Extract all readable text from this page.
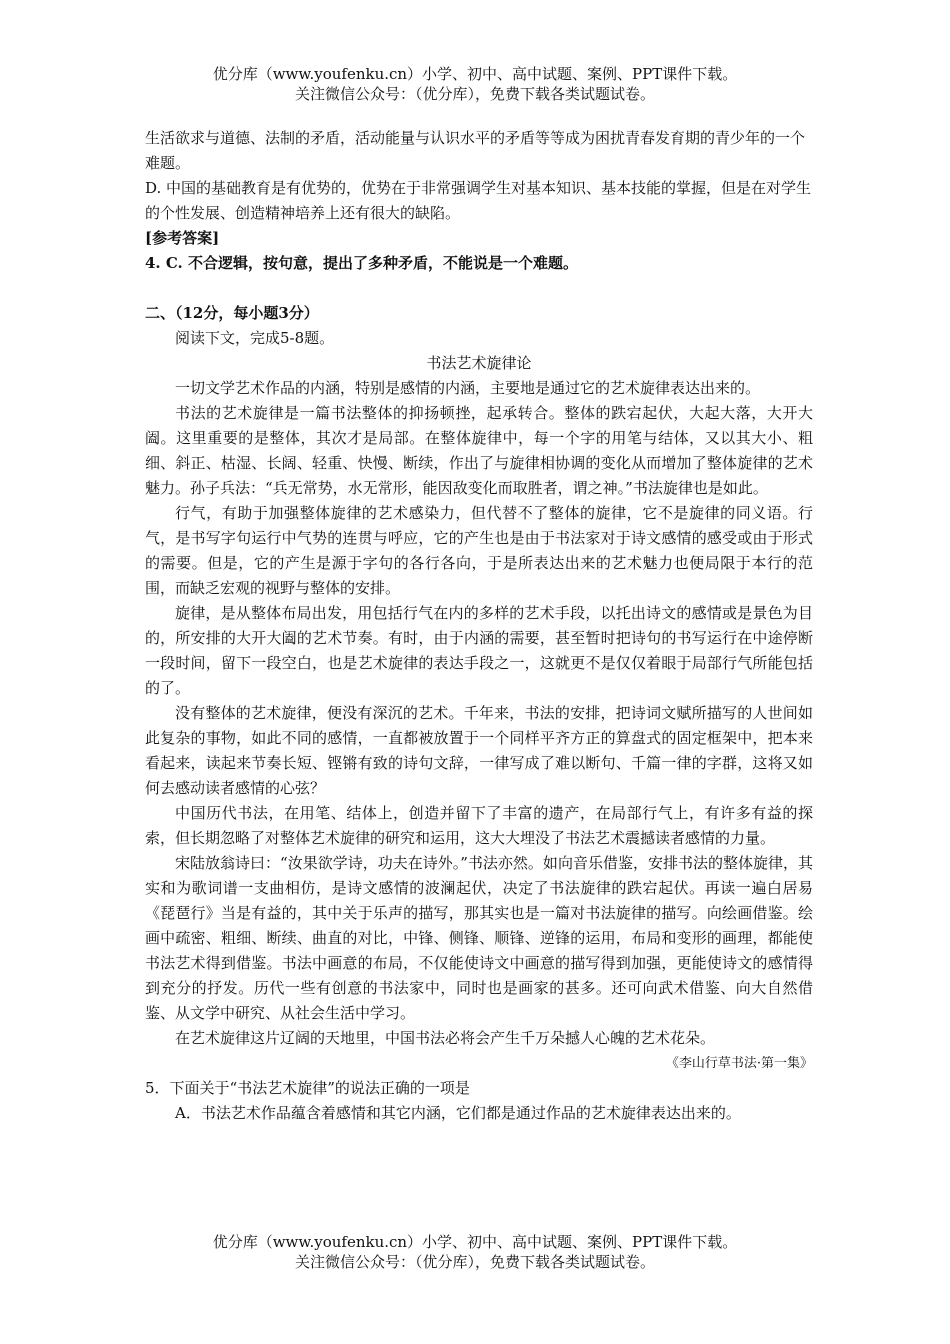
优分库（www.youfenku.cn）小学、初中、高中试题、案例、PPT课件下载。
关注微信公众号：（优分库），免费下载各类试题试卷。

生活欲求与道德、法制的矛盾，活动能量与认识水平的矛盾等等成为困扰青春发育期的青少年的一个难题。

D. 中国的基础教育是有优势的，优势在于非常强调学生对基本知识、基本技能的掌握，但是在对学生的个性发展、创造精神培养上还有很大的缺陷。

[参考答案]

4. C. 不合逻辑，按句意，提出了多种矛盾，不能说是一个难题。

二、（12分，每小题3分）

阅读下文，完成5-8题。

书法艺术旋律论

一切文学艺术作品的内涵，特别是感情的内涵，主要地是通过它的艺术旋律表达出来的。

书法的艺术旋律是一篇书法整体的抑扬顿挫，起承转合。整体的跌宕起伏，大起大落，大开大阖。这里重要的是整体，其次才是局部。在整体旋律中，每一个字的用笔与结体，又以其大小、粗细、斜正、枯湿、长阔、轻重、快慢、断续，作出了与旋律相协调的变化从而增加了整体旋律的艺术魅力。孙子兵法：“兵无常势，水无常形，能因敌变化而取胜者，谓之神。”书法旋律也是如此。

行气，有助于加强整体旋律的艺术感染力，但代替不了整体的旋律，它不是旋律的同义语。行气，是书写字句运行中气势的连贯与呼应，它的产生也是由于书法家对于诗文感情的感受或由于形式的需要。但是，它的产生是源于字句的各行各向，于是所表达出来的艺术魅力也便局限于本行的范围，而缺乏宏观的视野与整体的安排。

旋律，是从整体布局出发，用包括行气在内的多样的艺术手段，以托出诗文的感情或是景色为目的，所安排的大开大阖的艺术节奏。有时，由于内涵的需要，甚至暂时把诗句的书写运行在中途停断一段时间，留下一段空白，也是艺术旋律的表达手段之一，这就更不是仅仅着眼于局部行气所能包括的了。

没有整体的艺术旋律，便没有深沉的艺术。千年来，书法的安排，把诗词文赋所描写的人世间如此复杂的事物，如此不同的感情，一直都被放置于一个同样平齐方正的算盘式的固定框架中，把本来看起来，读起来节奏长短、铿锵有致的诗句文辞，一律写成了难以断句、千篇一律的字群，这将又如何去感动读者感情的心弦？

中国历代书法，在用笔、结体上，创造并留下了丰富的遗产，在局部行气上，有许多有益的探索，但长期忽略了对整体艺术旋律的研究和运用，这大大埋没了书法艺术震撼读者感情的力量。

宋陆放翁诗曰：“汝果欲学诗，功夫在诗外。”书法亦然。如向音乐借鉴，安排书法的整体旋律，其实和为歌词谱一支曲相仿，是诗文感情的波澜起伏，决定了书法旋律的跌宕起伏。再读一遍白居易《琵琶行》当是有益的，其中关于乐声的描写，那其实也是一篇对书法旋律的描写。向绘画借鉴。绘画中疏密、粗细、断续、曲直的对比，中锋、侧锋、顺锋、逆锋的运用，布局和变形的画理，都能使书法艺术得到借鉴。书法中画意的布局，不仅能使诗文中画意的描写得到加强，更能使诗文的感情得到充分的抒发。历代一些有创意的书法家中，同时也是画家的甚多。还可向武术借鉴、向大自然借鉴、从文学中研究、从社会生活中学习。

在艺术旋律这片辽阔的天地里，中国书法必将会产生千万朵撼人心魄的艺术花朵。

《李山行草书法·第一集》

5．下面关于“书法艺术旋律”的说法正确的一项是

A．书法艺术作品蕴含着感情和其它内涵，它们都是通过作品的艺术旋律表达出来的。

优分库（www.youfenku.cn）小学、初中、高中试题、案例、PPT课件下载。
关注微信公众号：（优分库），免费下载各类试题试卷。
